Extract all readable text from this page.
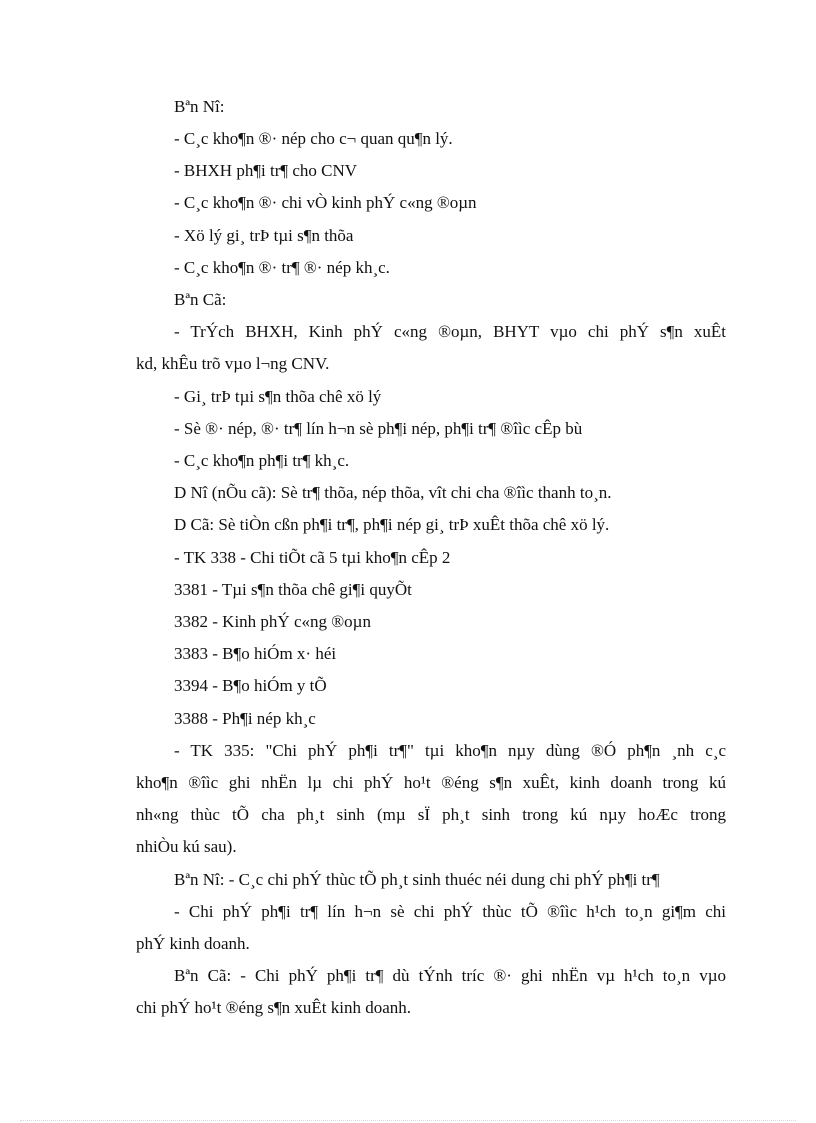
Bªn Nî:
- C¸c kho¶n ®· nép cho c¬ quan qu¶n lý.
- BHXH ph¶i tr¶ cho CNV
- C¸c kho¶n ®· chi vÒ kinh phÝ c«ng ®oµn
- Xö lý gi¸ trÞ tµi s¶n thõa
- C¸c kho¶n ®· tr¶ ®· nép kh¸c.
Bªn Cã:
- TrÝch BHXH, Kinh phÝ c«ng ®oµn, BHYT vµo chi phÝ s¶n xuÊt
kd, khÊu trõ vµo l¬ng CNV.
- Gi¸ trÞ tµi s¶n thõa chê xö lý
- Sè ®· nép, ®· tr¶ lín h¬n sè ph¶i nép, ph¶i tr¶ ®îìc cÊp bù
- C¸c kho¶n ph¶i tr¶ kh¸c.
D Nî (nÕu cã): Sè tr¶ thõa, nép thõa, vît chi cha ®îìc thanh to¸n.
D Cã: Sè tiÒn cßn ph¶i tr¶, ph¶i nép gi¸ trÞ xuÊt thõa chê xö lý.
- TK 338 - Chi tiÕt cã 5 tµi kho¶n cÊp 2
3381 - Tµi s¶n thõa chê gi¶i quyÕt
3382 - Kinh phÝ c«ng ®oµn
3383 - B¶o hiÓm x· héi
3394 - B¶o hiÓm y tÕ
3388 - Ph¶i nép kh¸c
- TK 335: "Chi phÝ ph¶i tr¶" tµi kho¶n nµy dùng ®Ó ph¶n ¸nh c¸c
kho¶n ®îìc ghi nhËn lµ chi phÝ ho¹t ®éng s¶n xuÊt, kinh doanh trong kú
nh«ng thùc tÕ cha ph¸t sinh (mµ sÏ ph¸t sinh trong kú nµy hoÆc trong
nhiÒu kú sau).
Bªn Nî: - C¸c chi phÝ thùc tÕ ph¸t sinh thuéc néi dung chi phÝ ph¶i tr¶
- Chi phÝ ph¶i tr¶ lín h¬n sè chi phÝ thùc tÕ ®îìc h¹ch to¸n gi¶m chi
phÝ kinh doanh.
Bªn Cã: - Chi phÝ ph¶i tr¶ dù tÝnh tríc ®· ghi nhËn vµ h¹ch to¸n vµo
chi phÝ ho¹t ®éng s¶n xuÊt kinh doanh.
